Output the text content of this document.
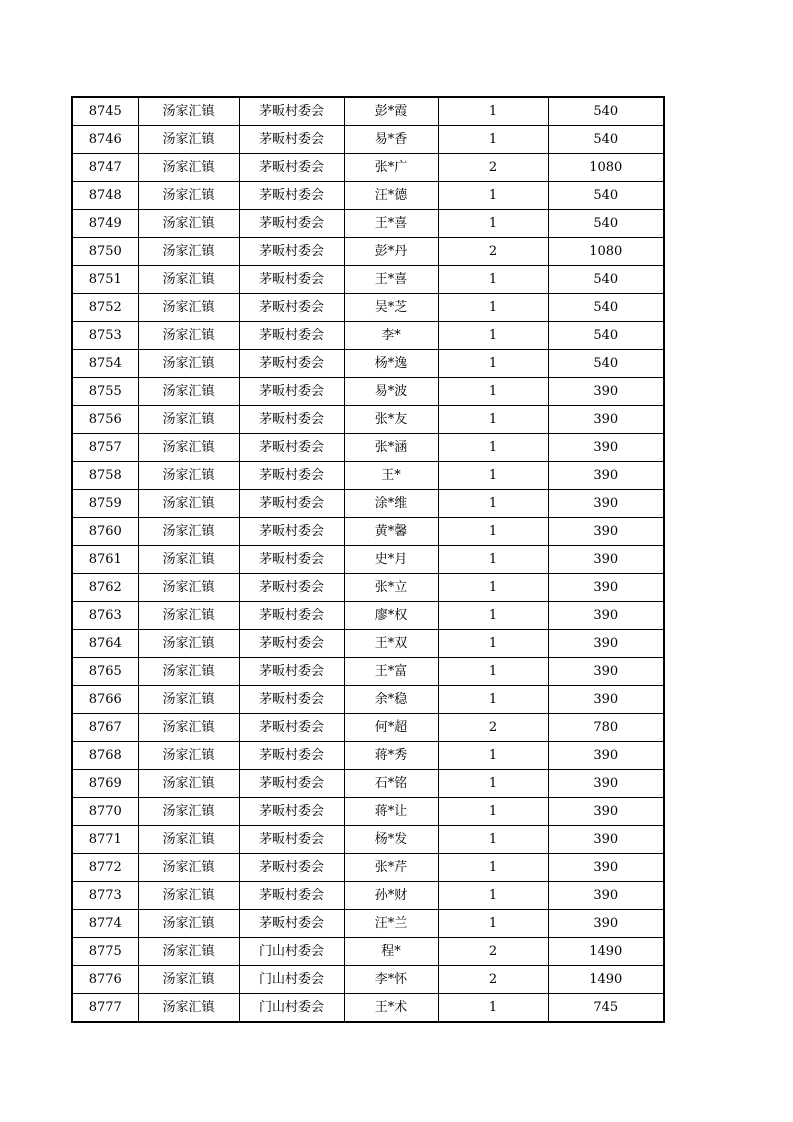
8745	汤家汇镇	茅畈村委会	彭*霞	1	540
8746	汤家汇镇	茅畈村委会	易*香	1	540
8747	汤家汇镇	茅畈村委会	张*广	2	1080
8748	汤家汇镇	茅畈村委会	汪*德	1	540
8749	汤家汇镇	茅畈村委会	王*喜	1	540
8750	汤家汇镇	茅畈村委会	彭*丹	2	1080
8751	汤家汇镇	茅畈村委会	王*喜	1	540
8752	汤家汇镇	茅畈村委会	吴*芝	1	540
8753	汤家汇镇	茅畈村委会	李*	1	540
8754	汤家汇镇	茅畈村委会	杨*逸	1	540
8755	汤家汇镇	茅畈村委会	易*波	1	390
8756	汤家汇镇	茅畈村委会	张*友	1	390
8757	汤家汇镇	茅畈村委会	张*涵	1	390
8758	汤家汇镇	茅畈村委会	王*	1	390
8759	汤家汇镇	茅畈村委会	涂*维	1	390
8760	汤家汇镇	茅畈村委会	黄*馨	1	390
8761	汤家汇镇	茅畈村委会	史*月	1	390
8762	汤家汇镇	茅畈村委会	张*立	1	390
8763	汤家汇镇	茅畈村委会	廖*权	1	390
8764	汤家汇镇	茅畈村委会	王*双	1	390
8765	汤家汇镇	茅畈村委会	王*富	1	390
8766	汤家汇镇	茅畈村委会	余*稳	1	390
8767	汤家汇镇	茅畈村委会	何*超	2	780
8768	汤家汇镇	茅畈村委会	蒋*秀	1	390
8769	汤家汇镇	茅畈村委会	石*铭	1	390
8770	汤家汇镇	茅畈村委会	蒋*让	1	390
8771	汤家汇镇	茅畈村委会	杨*发	1	390
8772	汤家汇镇	茅畈村委会	张*芹	1	390
8773	汤家汇镇	茅畈村委会	孙*财	1	390
8774	汤家汇镇	茅畈村委会	汪*兰	1	390
8775	汤家汇镇	门山村委会	程*	2	1490
8776	汤家汇镇	门山村委会	李*怀	2	1490
8777	汤家汇镇	门山村委会	王*术	1	745
